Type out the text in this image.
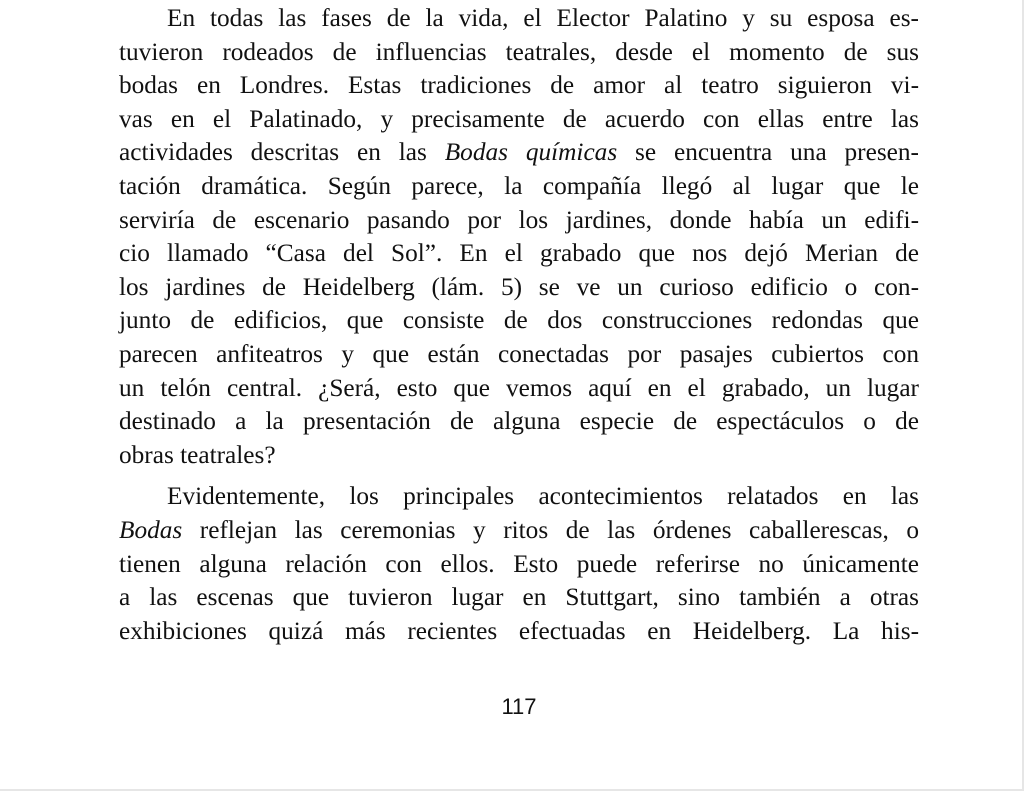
En todas las fases de la vida, el Elector Palatino y su esposa es-
tuvieron rodeados de influencias teatrales, desde el momento de sus
bodas en Londres. Estas tradiciones de amor al teatro siguieron vi-
vas en el Palatinado, y precisamente de acuerdo con ellas entre las
actividades descritas en las Bodas químicas se encuentra una presen-
tación dramática. Según parece, la compañía llegó al lugar que le
serviría de escenario pasando por los jardines, donde había un edifi-
cio llamado “Casa del Sol”. En el grabado que nos dejó Merian de
los jardines de Heidelberg (lám. 5) se ve un curioso edificio o con-
junto de edificios, que consiste de dos construcciones redondas que
parecen anfiteatros y que están conectadas por pasajes cubiertos con
un telón central. ¿Será, esto que vemos aquí en el grabado, un lugar
destinado a la presentación de alguna especie de espectáculos o de
obras teatrales?
Evidentemente, los principales acontecimientos relatados en las
Bodas reflejan las ceremonias y ritos de las órdenes caballerescas, o
tienen alguna relación con ellos. Esto puede referirse no únicamente
a las escenas que tuvieron lugar en Stuttgart, sino también a otras
exhibiciones quizá más recientes efectuadas en Heidelberg. La his-
117
